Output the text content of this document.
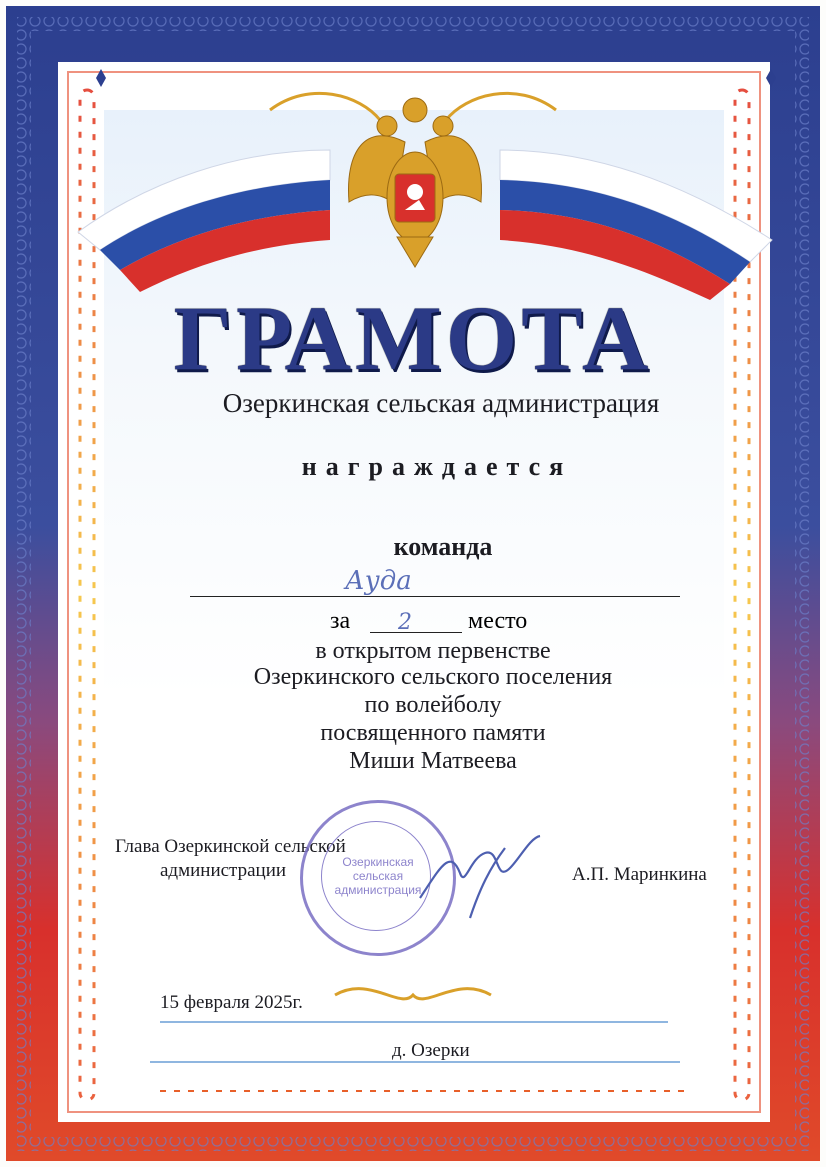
ГРАМОТА
Озеркинская сельская администрация
награждается
команда
Ауда
за 2 место
в открытом первенстве
Озеркинского сельского поселения
по волейболу
посвященного памяти
Миши Матвеева
Глава Озеркинской сельской
администрации	А.П. Маринкина
Озеркинская
сельская
администрация
15 февраля 2025г.
д. Озерки
